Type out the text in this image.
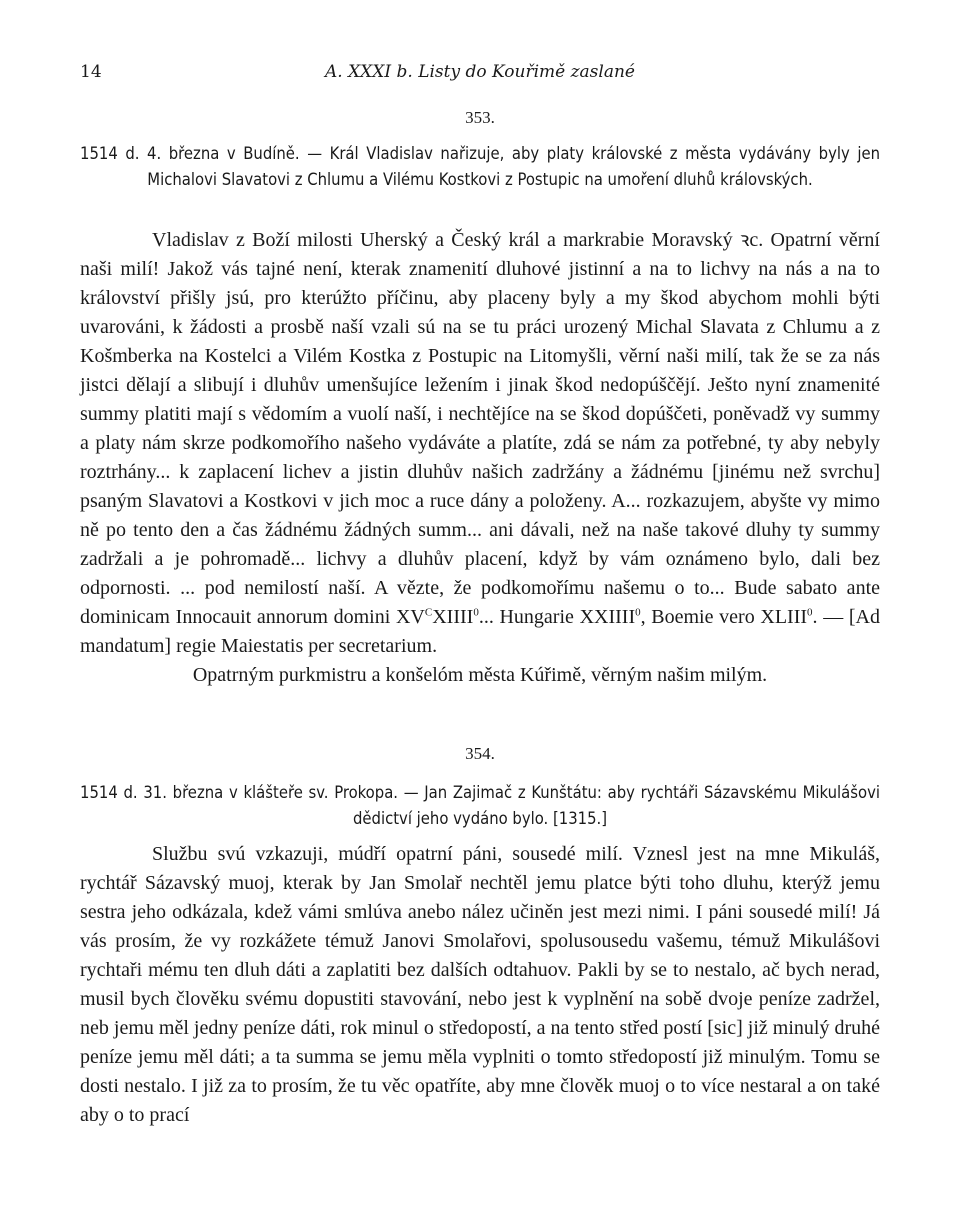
14	A. XXXI b. Listy do Kouřimě zaslané
353.
1514 d. 4. března v Budíně. — Král Vladislav nařizuje, aby platy královské z města vydávány byly jen Michalovi Slavatovi z Chlumu a Vilému Kostkovi z Postupic na umoření dluhů královských.

Vladislav z Boží milosti Uherský a Český král a markrabie Moravský ꝛc. Opatrní věrní naši milí! Jakož vás tajné není, kterak znamenití dluhové jistinní a na to lichvy na nás a na to království přišly jsú, pro kterúžto příčinu, aby placeny byly a my škod abychom mohli býti uvarováni, k žádosti a prosbě naší vzali sú na se tu práci urozený Michal Slavata z Chlumu a z Košmberka na Kostelci a Vilém Kostka z Postupic na Litomyšli, věrní naši milí, tak že se za nás jistci dělají a slibují i dluhův umenšujíce ležením i jinak škod nedopúščějí. Ješto nyní znamenité summy platiti mají s vědomím a vuolí naší, i nechtějíce na se škod dopúščeti, poněvadž vy summy a platy nám skrze podkomořího našeho vydáváte a platíte, zdá se nám za potřebné, ty aby nebyly roztrhány... k zaplacení lichev a jistin dluhův našich zadržány a žádnému [jinému než svrchu] psaným Slavatovi a Kostkovi v jich moc a ruce dány a položeny. A... rozkazujem, abyšte vy mimo ně po tento den a čas žádnému žádných summ... ani dávali, než na naše takové dluhy ty summy zadržali a je pohromadě... lichvy a dluhův placení, když by vám oznámeno bylo, dali bez odpornosti. ... pod nemilostí naší. A vězte, že podkomořímu našemu o to... Bude sabato ante dominicam Innocauit annorum domini $XV^CXIIII^0$... Hungarie XXIIII$^0$, Boemie vero XLIII$^0$. — [Ad mandatum] regie Maiestatis per secretarium.

Opatrným purkmistru a konšelóm města Kúřimě, věrným našim milým.

354.
1514 d. 31. března v klášteře sv. Prokopa. — Jan Zajimač z Kunštátu: aby rychtáři Sázavskému Mikulášovi dědictví jeho vydáno bylo. [1315.]

Službu svú vzkazuji, múdří opatrní páni, sousedé milí. Vznesl jest na mne Mikuláš, rychtář Sázavský muoj, kterak by Jan Smolař nechtěl jemu platce býti toho dluhu, kterýž jemu sestra jeho odkázala, kdež vámi smlúva anebo nález učiněn jest mezi nimi. I páni sousedé milí! Já vás prosím, že vy rozkážete témuž Janovi Smolařovi, spolusousedu vašemu, témuž Mikulášovi rychtaři mému ten dluh dáti a zaplatiti bez dalších odtahuov. Pakli by se to nestalo, ač bych nerad, musil bych člověku svému dopustiti stavování, nebo jest k vyplnění na sobě dvoje peníze zadržel, neb jemu měl jedny peníze dáti, rok minul o středopostí, a na tento střed postí [sic] již minulý druhé peníze jemu měl dáti; a ta summa se jemu měla vyplniti o tomto středopostí již minulým. Tomu se dosti nestalo. I již za to prosím, že tu věc opatříte, aby mne člověk muoj o to více nestaral a on také aby o to prací
